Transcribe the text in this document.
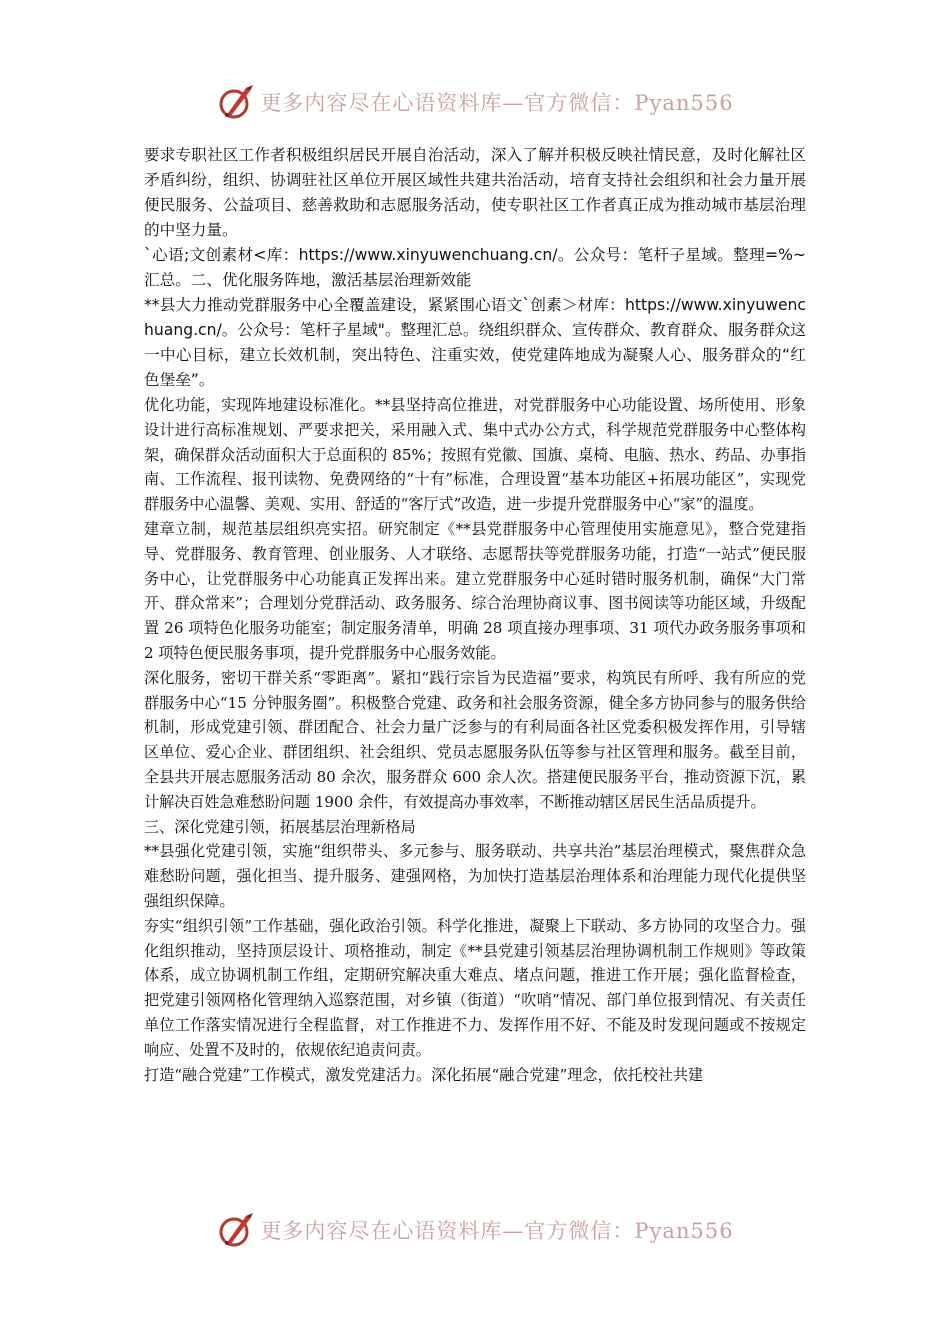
更多内容尽在心语资料库—官方微信：Pyan556

要求专职社区工作者积极组织居民开展自治活动，深入了解并积极反映社情民意，及时化解社区矛盾纠纷，组织、协调驻社区单位开展区域性共建共治活动，培育支持社会组织和社会力量开展便民服务、公益项目、慈善救助和志愿服务活动，使专职社区工作者真正成为推动城市基层治理的中坚力量。

`心语;文创素材<库：https://www.xinyuwenchuang.cn/。公众号：笔杆子星域。整理=%~汇总。二、优化服务阵地，激活基层治理新效能

**县大力推动党群服务中心全覆盖建设，紧紧围心语文`创素＞材库：https://www.xinyuwenchuang.cn/。公众号：笔杆子星域"。整理汇总。绕组织群众、宣传群众、教育群众、服务群众这一中心目标，建立长效机制，突出特色、注重实效，使党建阵地成为凝聚人心、服务群众的“红色堡垒”。

优化功能，实现阵地建设标准化。**县坚持高位推进，对党群服务中心功能设置、场所使用、形象设计进行高标准规划、严要求把关，采用融入式、集中式办公方式，科学规范党群服务中心整体构架，确保群众活动面积大于总面积的 85%；按照有党徽、国旗、桌椅、电脑、热水、药品、办事指南、工作流程、报刊读物、免费网络的“十有”标准，合理设置“基本功能区+拓展功能区”，实现党群服务中心温馨、美观、实用、舒适的“客厅式”改造，进一步提升党群服务中心“家”的温度。

建章立制，规范基层组织亮实招。研究制定《**县党群服务中心管理使用实施意见》，整合党建指导、党群服务、教育管理、创业服务、人才联络、志愿帮扶等党群服务功能，打造“一站式”便民服务中心，让党群服务中心功能真正发挥出来。建立党群服务中心延时错时服务机制，确保“大门常开、群众常来”；合理划分党群活动、政务服务、综合治理协商议事、图书阅读等功能区域，升级配置 26 项特色化服务功能室；制定服务清单，明确 28 项直接办理事项、31 项代办政务服务事项和 2 项特色便民服务事项，提升党群服务中心服务效能。

深化服务，密切干群关系“零距离”。紧扣“践行宗旨为民造福”要求，构筑民有所呼、我有所应的党群服务中心“15 分钟服务圈”。积极整合党建、政务和社会服务资源，健全多方协同参与的服务供给机制，形成党建引领、群团配合、社会力量广泛参与的有利局面各社区党委积极发挥作用，引导辖区单位、爱心企业、群团组织、社会组织、党员志愿服务队伍等参与社区管理和服务。截至目前，全县共开展志愿服务活动 80 余次，服务群众 600 余人次。搭建便民服务平台，推动资源下沉，累计解决百姓急难愁盼问题 1900 余件，有效提高办事效率，不断推动辖区居民生活品质提升。

三、深化党建引领，拓展基层治理新格局

**县强化党建引领，实施“组织带头、多元参与、服务联动、共享共治”基层治理模式，聚焦群众急难愁盼问题，强化担当、提升服务、建强网格，为加快打造基层治理体系和治理能力现代化提供坚强组织保障。

夯实“组织引领”工作基础，强化政治引领。科学化推进，凝聚上下联动、多方协同的攻坚合力。强化组织推动，坚持顶层设计、项格推动，制定《**县党建引领基层治理协调机制工作规则》等政策体系，成立协调机制工作组，定期研究解决重大难点、堵点问题，推进工作开展；强化监督检查，把党建引领网格化管理纳入巡察范围，对乡镇（街道）“吹哨”情况、部门单位报到情况、有关责任单位工作落实情况进行全程监督，对工作推进不力、发挥作用不好、不能及时发现问题或不按规定响应、处置不及时的，依规依纪追责问责。

打造“融合党建”工作模式，激发党建活力。深化拓展“融合党建”理念，依托校社共建

更多内容尽在心语资料库—官方微信：Pyan556
